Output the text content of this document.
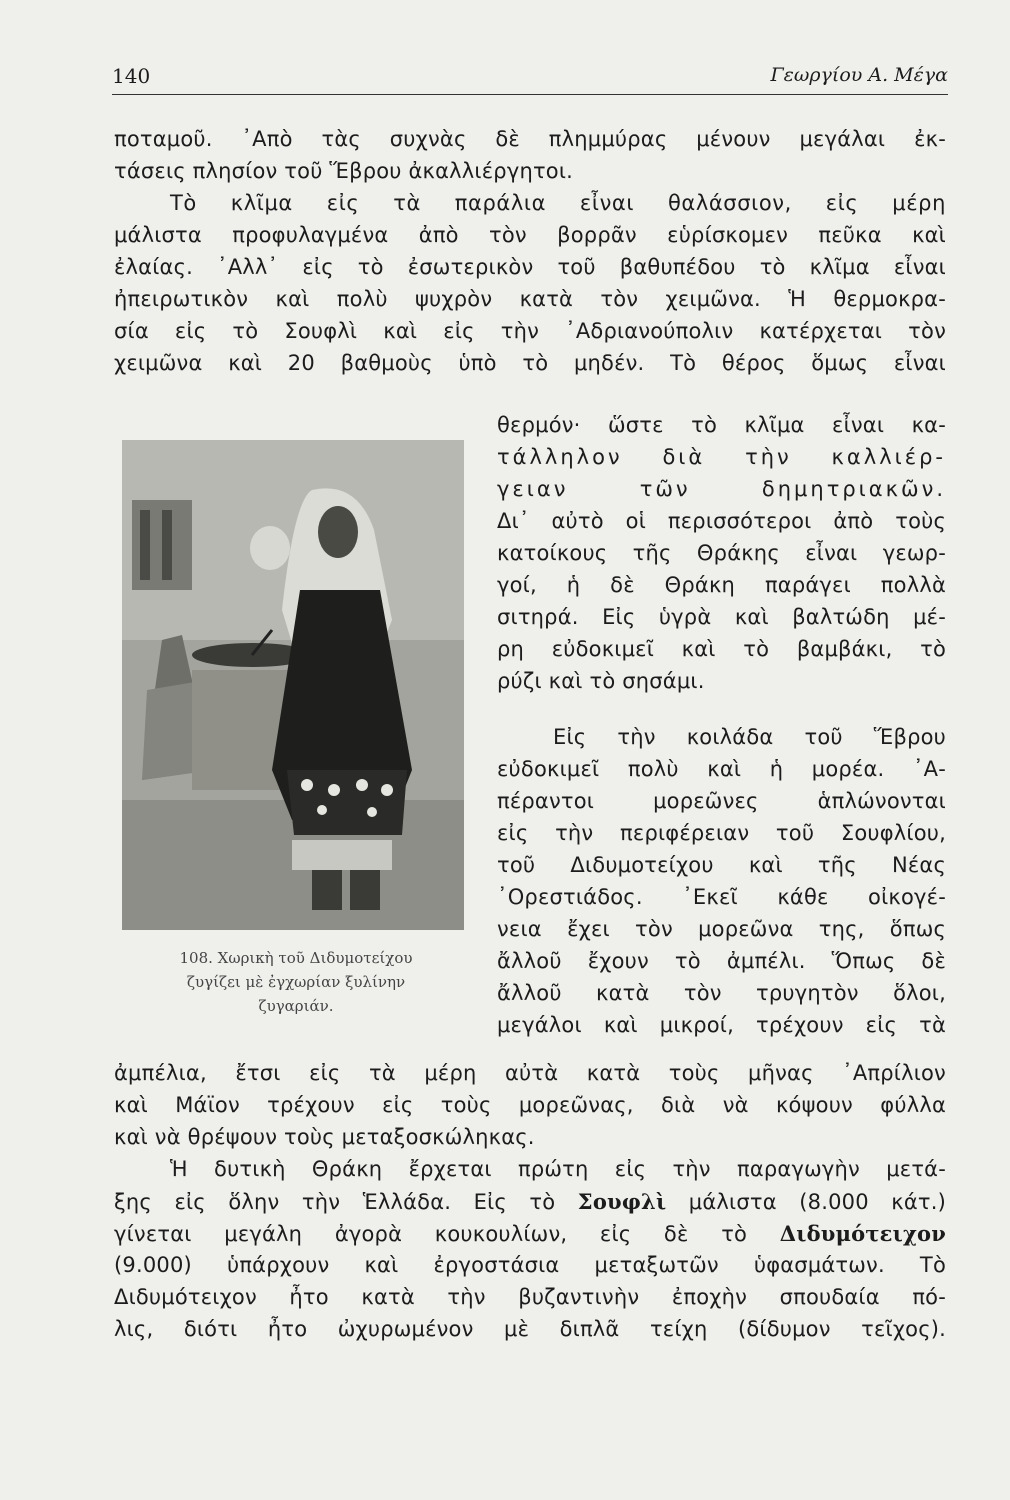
140	Γεωργίου Α. Μέγα
ποταμοῦ. ᾿Απὸ τὰς συχνὰς δὲ πλημμύρας μένουν μεγάλαι ἐκ-
τάσεις πλησίον τοῦ Ἕβρου ἀκαλλιέργητοι.
Τὸ κλῖμα εἰς τὰ παράλια εἶναι θαλάσσιον, εἰς μέρη
μάλιστα προφυλαγμένα ἀπὸ τὸν βορρᾶν εὑρίσκομεν πεῦκα καὶ
ἐλαίας. ᾿Αλλ᾿ εἰς τὸ ἐσωτερικὸν τοῦ βαθυπέδου τὸ κλῖμα εἶναι
ἠπειρωτικὸν καὶ πολὺ ψυχρὸν κατὰ τὸν χειμῶνα. Ἡ θερμοκρα-
σία εἰς τὸ Σουφλὶ καὶ εἰς τὴν ᾿Αδριανούπολιν κατέρχεται τὸν
χειμῶνα καὶ 20 βαθμοὺς ὑπὸ τὸ μηδέν. Τὸ θέρος ὅμως εἶναι
108. Χωρικὴ τοῦ Διδυμοτείχου
ζυγίζει μὲ ἐγχωρίαν ξυλίνην
ζυγαριάν.
θερμόν· ὥστε τὸ κλῖμα εἶναι κα-
τάλληλον διὰ τὴν καλλιέρ-
γειαν τῶν δημητριακῶν.
Δι᾿ αὐτὸ οἱ περισσότεροι ἀπὸ τοὺς
κατοίκους τῆς Θράκης εἶναι γεωρ-
γοί, ἡ δὲ Θράκη παράγει πολλὰ
σιτηρά. Εἰς ὑγρὰ καὶ βαλτώδη μέ-
ρη εὐδοκιμεῖ καὶ τὸ βαμβάκι, τὸ
ρύζι καὶ τὸ σησάμι.
Εἰς τὴν κοιλάδα τοῦ Ἕβρου
εὐδοκιμεῖ πολὺ καὶ ἡ μορέα. ᾿Α-
πέραντοι μορεῶνες ἁπλώνονται
εἰς τὴν περιφέρειαν τοῦ Σουφλίου,
τοῦ Διδυμοτείχου καὶ τῆς Νέας
᾿Ορεστιάδος. ᾿Εκεῖ κάθε οἰκογέ-
νεια ἔχει τὸν μορεῶνα της, ὅπως
ἄλλοῦ ἔχουν τὸ ἀμπέλι. Ὅπως δὲ
ἄλλοῦ κατὰ τὸν τρυγητὸν ὅλοι,
μεγάλοι καὶ μικροί, τρέχουν εἰς τὰ
ἀμπέλια, ἔτσι εἰς τὰ μέρη αὐτὰ κατὰ τοὺς μῆνας ᾿Απρίλιον
καὶ Μάϊον τρέχουν εἰς τοὺς μορεῶνας, διὰ νὰ κόψουν φύλλα
καὶ νὰ θρέψουν τοὺς μεταξοσκώληκας.
Ἡ δυτικὴ Θράκη ἔρχεται πρώτη εἰς τὴν παραγωγὴν μετά-
ξης εἰς ὅλην τὴν Ἑλλάδα. Εἰς τὸ Σουφλὶ μάλιστα (8.000 κάτ.)
γίνεται μεγάλη ἀγορὰ κουκουλίων, εἰς δὲ τὸ Διδυμότειχον
(9.000) ὑπάρχουν καὶ ἐργοστάσια μεταξωτῶν ὑφασμάτων. Τὸ
Διδυμότειχον ἦτο κατὰ τὴν βυζαντινὴν ἐποχὴν σπουδαία πό-
λις, διότι ἦτο ὠχυρωμένον μὲ διπλᾶ τείχη (δίδυμον τεῖχος).
